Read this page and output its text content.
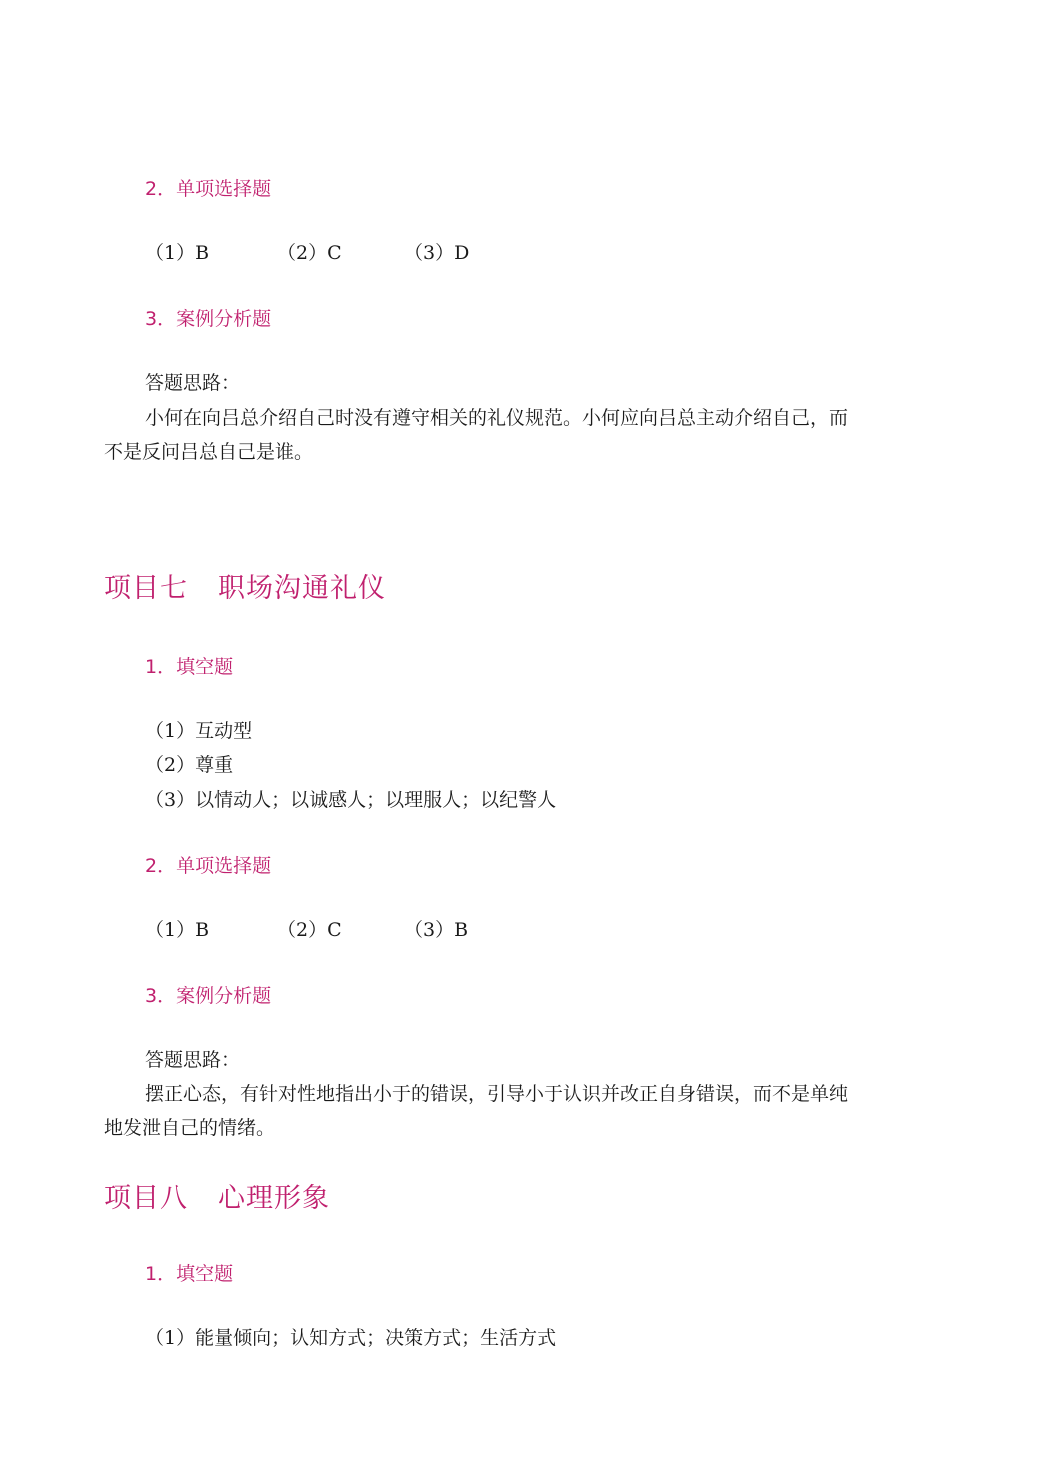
2．单项选择题
（1）B	（2）C	（3）D
3．案例分析题
答题思路：
小何在向吕总介绍自己时没有遵守相关的礼仪规范。小何应向吕总主动介绍自己，而
不是反问吕总自己是谁。
项目七 职场沟通礼仪
1．填空题
（1）互动型
（2）尊重
（3）以情动人；以诚感人；以理服人；以纪警人
2．单项选择题
（1）B	（2）C	（3）B
3．案例分析题
答题思路：
摆正心态，有针对性地指出小于的错误，引导小于认识并改正自身错误，而不是单纯
地发泄自己的情绪。
项目八 心理形象
1．填空题
（1）能量倾向；认知方式；决策方式；生活方式
